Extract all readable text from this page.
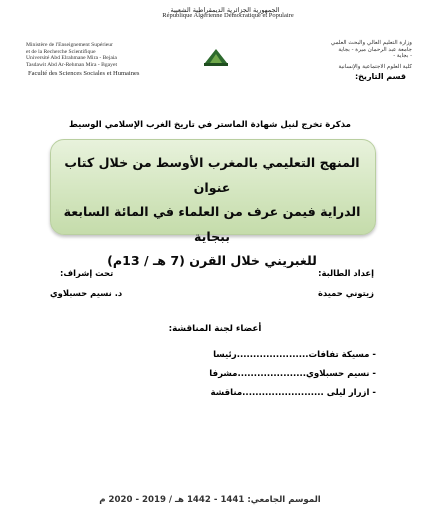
الجمهورية الجزائرية الديمقراطية الشعبية
République Algérienne Démocratique et Populaire
Ministère de l'Enseignement Supérieur
et de la Recherche Scientifique
Université Abd Elrahmane Mira - Bejaia
Tasdawit Abd Ar-Rehman Mira - Bgayet
وزارة التعليم العالي والبحث العلمي
جامعة عبد الرحمان ميرة - بجاية
- بجاية -
Faculté des Sciences Sociales et Humaines
كلية العلوم الاجتماعية والإنسانية
قسم التاريخ:
مذكرة تخرج لنيل شهادة الماستر في تاريخ الغرب الإسلامي الوسيط
المنهج التعليمي بالمغرب الأوسط من خلال كتاب عنوان
الدراية فيمن عرف من العلماء في المائة السابعة ببجاية
للغبريني خلال القرن (7 هـ / 13م)
إعداد الطالبة:
زيتوني حميدة
تحت إشراف:
د. نسيم حسبلاوي
أعضاء لجنة المناقشة:
- مسيكة تفافات......................رئيسا
- نسيم حسبلاوي.....................مشرفا
- ازرار ليلى .........................مناقشة
الموسم الجامعي: 1441 - 1442 هـ / 2019 - 2020 م
